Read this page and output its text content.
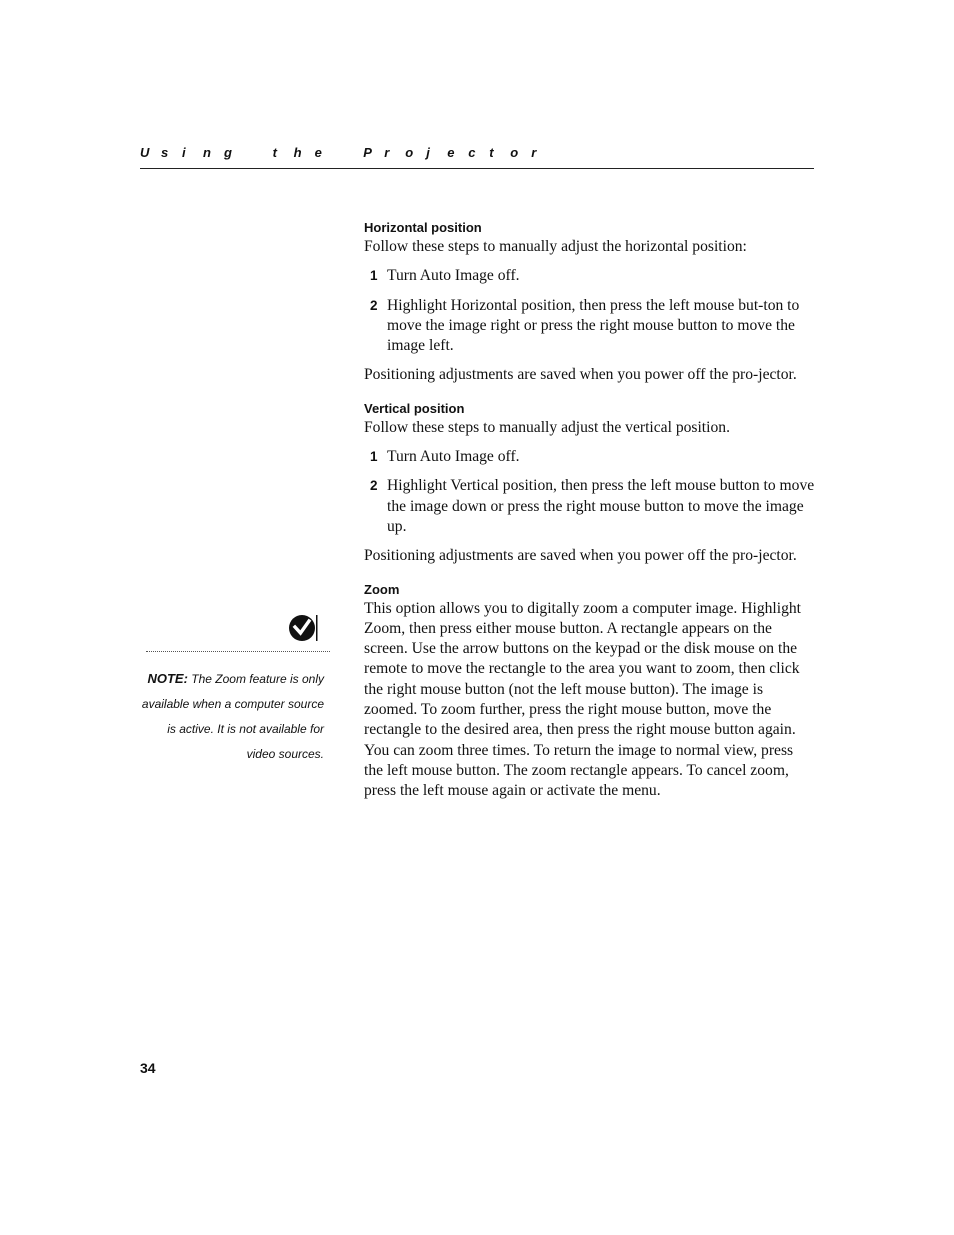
U s i n g	t h e	P r o j e c t o r
Horizontal position

Follow these steps to manually adjust the horizontal position:

1 Turn Auto Image off.
2 Highlight Horizontal position, then press the left mouse but-ton to move the image right or press the right mouse button to move the image left.

Positioning adjustments are saved when you power off the pro-jector.

Vertical position

Follow these steps to manually adjust the vertical position.

1 Turn Auto Image off.
2 Highlight Vertical position, then press the left mouse button to move the image down or press the right mouse button to move the image up.

Positioning adjustments are saved when you power off the pro-jector.

Zoom

This option allows you to digitally zoom a computer image. Highlight Zoom, then press either mouse button. A rectangle appears on the screen. Use the arrow buttons on the keypad or the disk mouse on the remote to move the rectangle to the area you want to zoom, then click the right mouse button (not the left mouse button). The image is zoomed. To zoom further, press the right mouse button, move the rectangle to the desired area, then press the right mouse button again. You can zoom three times. To return the image to normal view, press the left mouse button. The zoom rectangle appears. To cancel zoom, press the left mouse again or activate the menu.

NOTE: The Zoom feature is only available when a computer source is active. It is not available for video sources.
34
